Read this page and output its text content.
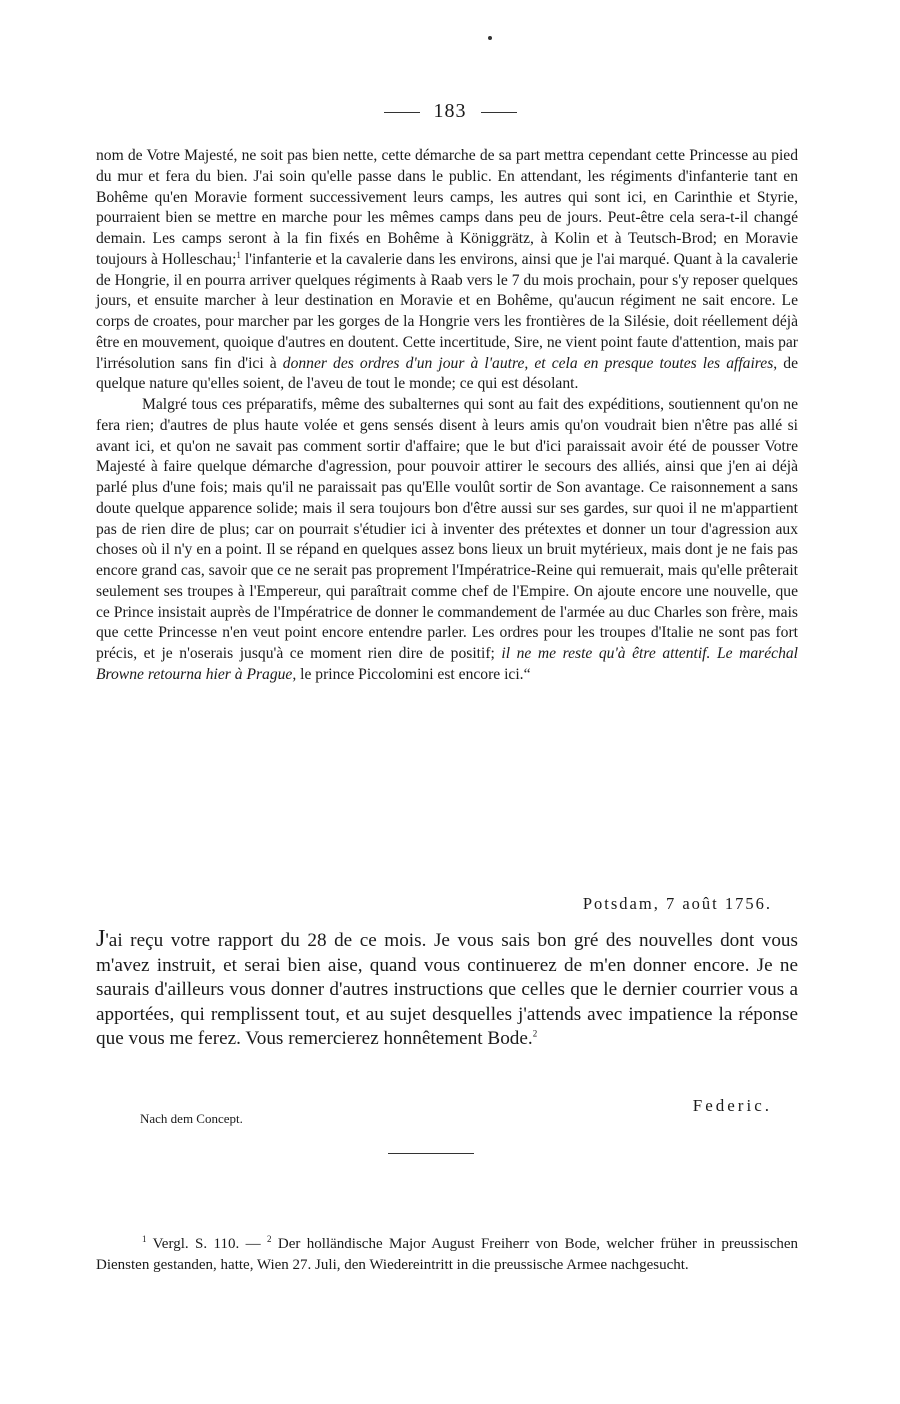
183

nom de Votre Majesté, ne soit pas bien nette, cette démarche de sa part mettra cependant cette Princesse au pied du mur et fera du bien. J'ai soin qu'elle passe dans le public. En attendant, les régiments d'infanterie tant en Bohême qu'en Moravie forment successivement leurs camps, les autres qui sont ici, en Carinthie et Styrie, pourraient bien se mettre en marche pour les mêmes camps dans peu de jours. Peut-être cela sera-t-il changé demain. Les camps seront à la fin fixés en Bohême à Königgrätz, à Kolin et à Teutsch-Brod; en Moravie toujours à Holleschau;$^1$ l'infanterie et la cavalerie dans les environs, ainsi que je l'ai marqué. Quant à la cavalerie de Hongrie, il en pourra arriver quelques régiments à Raab vers le 7 du mois prochain, pour s'y reposer quelques jours, et ensuite marcher à leur destination en Moravie et en Bohême, qu'aucun régiment ne sait encore. Le corps de croates, pour marcher par les gorges de la Hongrie vers les frontières de la Silésie, doit réellement déjà être en mouvement, quoique d'autres en doutent. Cette incertitude, Sire, ne vient point faute d'attention, mais par l'irrésolution sans fin d'ici à donner des ordres d'un jour à l'autre, et cela en presque toutes les affaires, de quelque nature qu'elles soient, de l'aveu de tout le monde; ce qui est désolant.

Malgré tous ces préparatifs, même des subalternes qui sont au fait des expéditions, soutiennent qu'on ne fera rien; d'autres de plus haute volée et gens sensés disent à leurs amis qu'on voudrait bien n'être pas allé si avant ici, et qu'on ne savait pas comment sortir d'affaire; que le but d'ici paraissait avoir été de pousser Votre Majesté à faire quelque démarche d'agression, pour pouvoir attirer le secours des alliés, ainsi que j'en ai déjà parlé plus d'une fois; mais qu'il ne paraissait pas qu'Elle voulût sortir de Son avantage. Ce raisonnement a sans doute quelque apparence solide; mais il sera toujours bon d'être aussi sur ses gardes, sur quoi il ne m'appartient pas de rien dire de plus; car on pourrait s'étudier ici à inventer des prétextes et donner un tour d'agression aux choses où il n'y en a point. Il se répand en quelques assez bons lieux un bruit mytérieux, mais dont je ne fais pas encore grand cas, savoir que ce ne serait pas proprement l'Impératrice-Reine qui remuerait, mais qu'elle prêterait seulement ses troupes à l'Empereur, qui paraîtrait comme chef de l'Empire. On ajoute encore une nouvelle, que ce Prince insistait auprès de l'Impératrice de donner le commandement de l'armée au duc Charles son frère, mais que cette Princesse n'en veut point encore entendre parler. Les ordres pour les troupes d'Italie ne sont pas fort précis, et je n'oserais jusqu'à ce moment rien dire de positif; il ne me reste qu'à être attentif. Le maréchal Browne retourna hier à Prague, le prince Piccolomini est encore ici.“

Potsdam, 7 août 1756.

J'ai reçu votre rapport du 28 de ce mois. Je vous sais bon gré des nouvelles dont vous m'avez instruit, et serai bien aise, quand vous continuerez de m'en donner encore. Je ne saurais d'ailleurs vous donner d'autres instructions que celles que le dernier courrier vous a apportées, qui remplissent tout, et au sujet desquelles j'attends avec impatience la réponse que vous me ferez. Vous remercierez honnêtement Bode.$^2$

Federic.
Nach dem Concept.

$^1$ Vergl. S. 110. — $^2$ Der holländische Major August Freiherr von Bode, welcher früher in preussischen Diensten gestanden, hatte, Wien 27. Juli, den Wiedereintritt in die preussische Armee nachgesucht.
